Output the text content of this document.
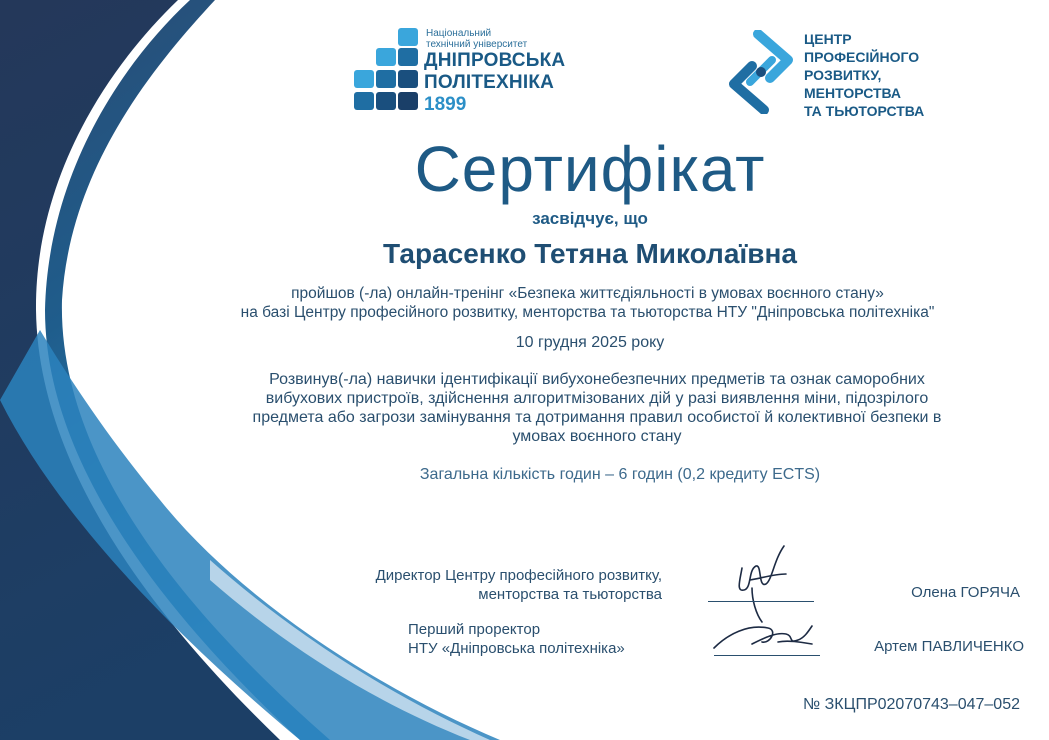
Національний
технічний університет
ДНІПРОВСЬКА
ПОЛІТЕХНІКА
1899
ЦЕНТР
ПРОФЕСІЙНОГО
РОЗВИТКУ,
МЕНТОРСТВА
ТА ТЬЮТОРСТВА
Сертифікат
засвідчує, що
Тарасенко Тетяна Миколаївна
пройшов (-ла) онлайн-тренінг «Безпека життєдіяльності в умовах воєнного стану»
на базі Центру професійного розвитку, менторства та тьюторства НТУ "Дніпровська політехніка"
10 грудня 2025 року
Розвинув(-ла) навички ідентифікації вибухонебезпечних предметів та ознак саморобних
вибухових пристроїв, здійснення алгоритмізованих дій у разі виявлення міни, підозрілого
предмета або загрози замінування та дотримання правил особистої й колективної безпеки в
умовах воєнного стану
Загальна кількість годин – 6 годин (0,2 кредиту ECTS)
Директор Центру професійного розвитку,
менторства та тьюторства	Олена ГОРЯЧА
Перший проректор
НТУ «Дніпровська політехніка»	Артем ПАВЛИЧЕНКО
№ ЗКЦПР02070743–047–052
